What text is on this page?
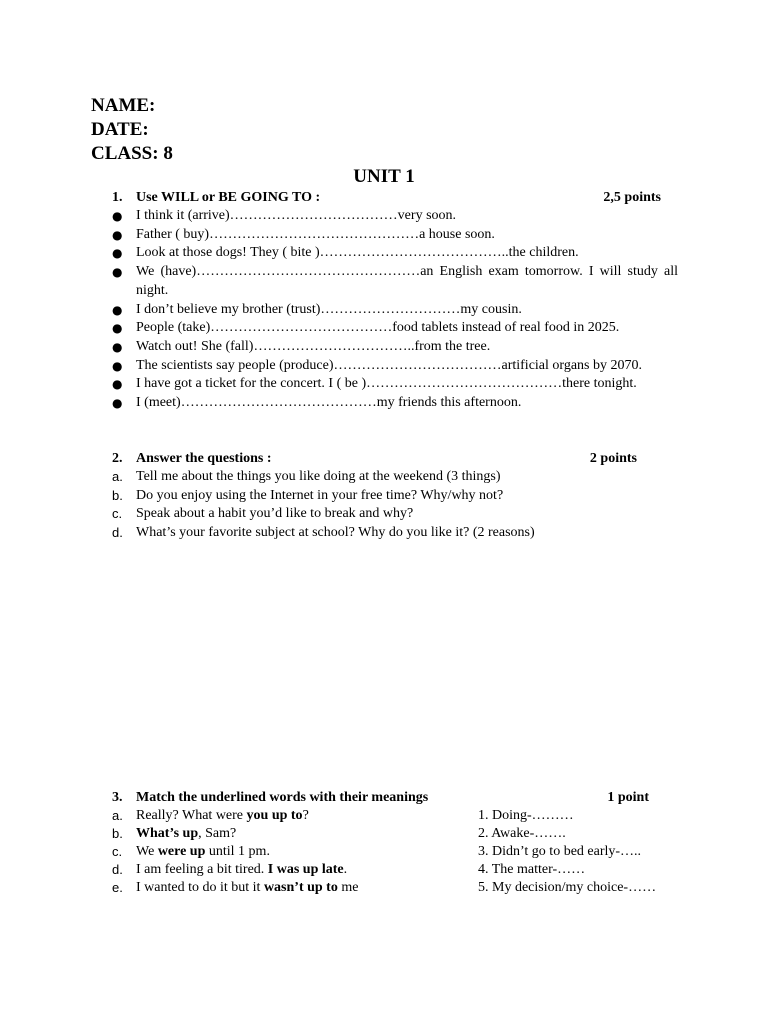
NAME:
DATE:
CLASS: 8
UNIT 1
1. Use WILL or BE GOING TO :	2,5 points
● I think it (arrive)………………………………very soon.
● Father ( buy)………………………………………a house soon.
● Look at those dogs! They ( bite )…………………………………..the children.
● We (have)…………………………………………an English exam tomorrow. I will study all night.
● I don’t believe my brother (trust)…………………………my cousin.
● People (take)…………………………………food tablets instead of real food in 2025.
● Watch out! She (fall)……………………………..from the tree.
● The scientists say people (produce)………………………………artificial organs by 2070.
● I have got a ticket for the concert. I ( be )……………………………………there tonight.
● I (meet)……………………………………my friends this afternoon.
2. Answer the questions :	2 points
a. Tell me about the things you like doing at the weekend (3 things)
b. Do you enjoy using the Internet in your free time? Why/why not?
c. Speak about a habit you’d like to break and why?
d. What’s your favorite subject at school? Why do you like it? (2 reasons)
3. Match the underlined words with their meanings	1 point
a. Really? What were you up to?	1. Doing-………
b. What’s up, Sam?	2. Awake-…….
c. We were up until 1 pm.	3. Didn’t go to bed early-…..
d. I am feeling a bit tired. I was up late.	4. The matter-……
e. I wanted to do it but it wasn’t up to me	5. My decision/my choice-……
